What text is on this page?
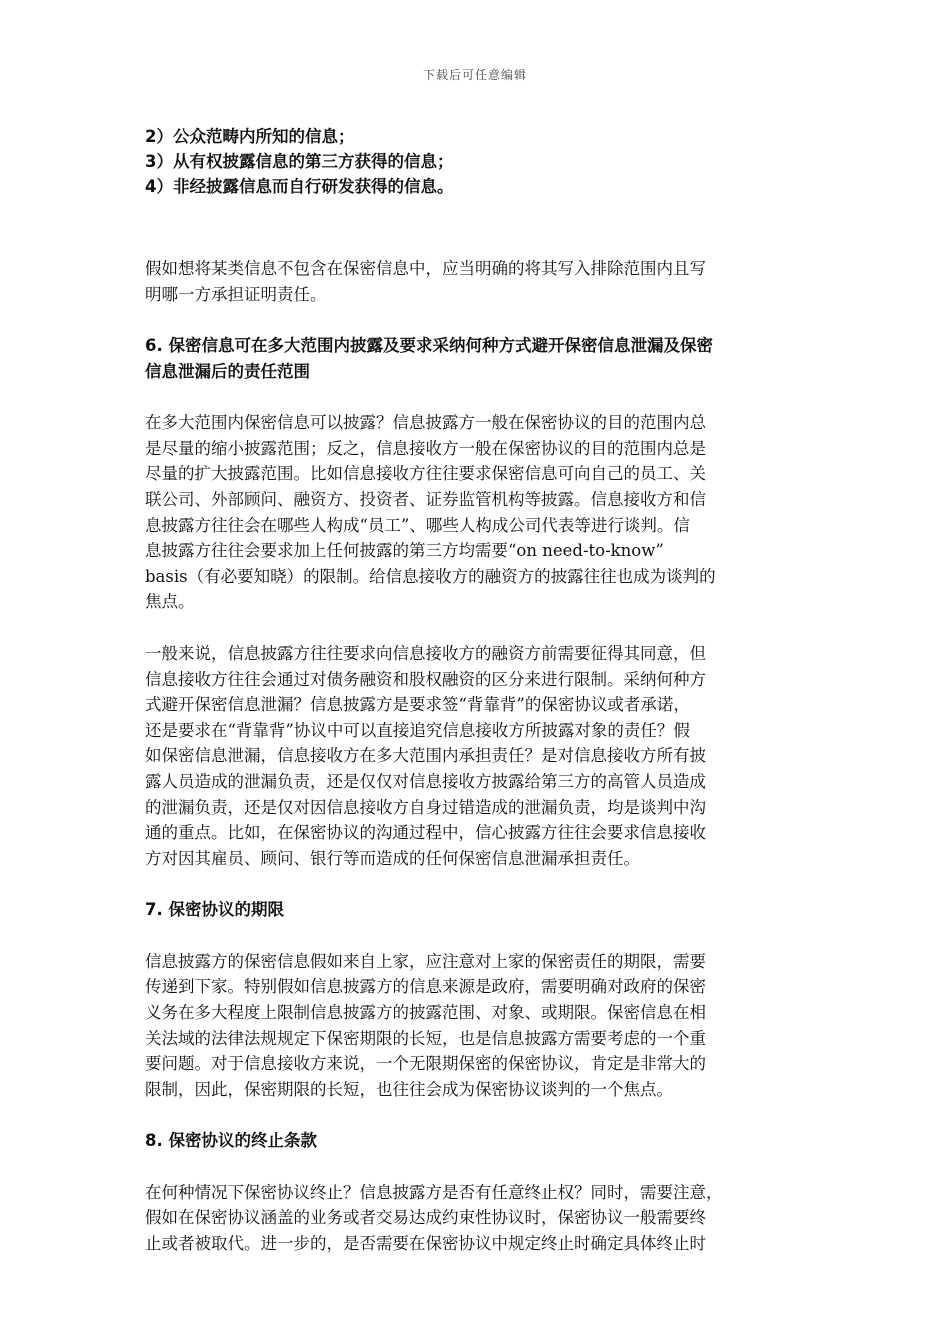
下载后可任意编辑

2）公众范畴内所知的信息；

3）从有权披露信息的第三方获得的信息；

4）非经披露信息而自行研发获得的信息。

假如想将某类信息不包含在保密信息中，应当明确的将其写入排除范围内且写

明哪一方承担证明责任。

6. 保密信息可在多大范围内披露及要求采纳何种方式避开保密信息泄漏及保密

信息泄漏后的责任范围

在多大范围内保密信息可以披露？信息披露方一般在保密协议的目的范围内总

是尽量的缩小披露范围；反之，信息接收方一般在保密协议的目的范围内总是

尽量的扩大披露范围。比如信息接收方往往要求保密信息可向自己的员工、关

联公司、外部顾问、融资方、投资者、证券监管机构等披露。信息接收方和信

息披露方往往会在哪些人构成“员工”、哪些人构成公司代表等进行谈判。信

息披露方往往会要求加上任何披露的第三方均需要“on need-to-know”

basis（有必要知晓）的限制。给信息接收方的融资方的披露往往也成为谈判的

焦点。

一般来说，信息披露方往往要求向信息接收方的融资方前需要征得其同意，但

信息接收方往往会通过对债务融资和股权融资的区分来进行限制。采纳何种方

式避开保密信息泄漏？信息披露方是要求签“背靠背”的保密协议或者承诺，

还是要求在“背靠背”协议中可以直接追究信息接收方所披露对象的责任？假

如保密信息泄漏，信息接收方在多大范围内承担责任？是对信息接收方所有披

露人员造成的泄漏负责，还是仅仅对信息接收方披露给第三方的高管人员造成

的泄漏负责，还是仅对因信息接收方自身过错造成的泄漏负责，均是谈判中沟

通的重点。比如，在保密协议的沟通过程中，信心披露方往往会要求信息接收

方对因其雇员、顾问、银行等而造成的任何保密信息泄漏承担责任。

7. 保密协议的期限

信息披露方的保密信息假如来自上家，应注意对上家的保密责任的期限，需要

传递到下家。特别假如信息披露方的信息来源是政府，需要明确对政府的保密

义务在多大程度上限制信息披露方的披露范围、对象、或期限。保密信息在相

关法域的法律法规规定下保密期限的长短，也是信息披露方需要考虑的一个重

要问题。对于信息接收方来说，一个无限期保密的保密协议，肯定是非常大的

限制，因此，保密期限的长短，也往往会成为保密协议谈判的一个焦点。

8. 保密协议的终止条款

在何种情况下保密协议终止？信息披露方是否有任意终止权？同时，需要注意，

假如在保密协议涵盖的业务或者交易达成约束性协议时，保密协议一般需要终

止或者被取代。进一步的，是否需要在保密协议中规定终止时确定具体终止时
